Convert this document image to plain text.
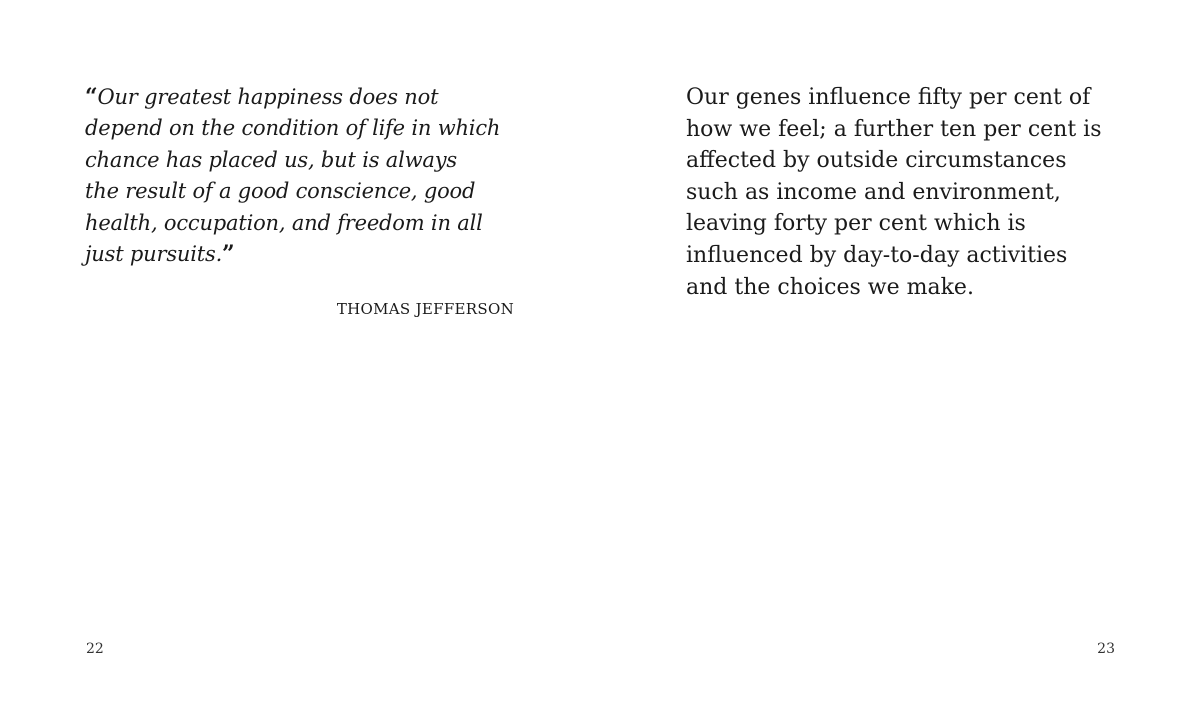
“Our greatest happiness does not
depend on the condition of life in which
chance has placed us, but is always
the result of a good conscience, good
health, occupation, and freedom in all
just pursuits.”

THOMAS JEFFERSON

22

Our genes influence fifty per cent of
how we feel; a further ten per cent is
affected by outside circumstances
such as income and environment,
leaving forty per cent which is
influenced by day-to-day activities
and the choices we make.

23
